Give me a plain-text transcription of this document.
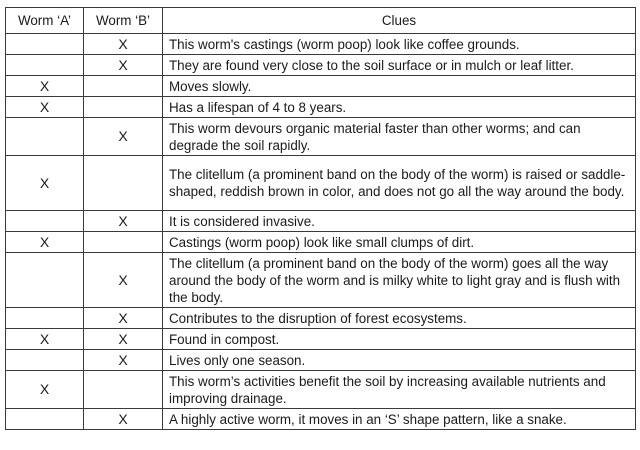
Worm ‘A’	Worm ‘B’	Clues
	X	This worm's castings (worm poop) look like coffee grounds.
	X	They are found very close to the soil surface or in mulch or leaf litter.
X		Moves slowly.
X		Has a lifespan of 4 to 8 years.
	X	This worm devours organic material faster than other worms; and can degrade the soil rapidly.
X		The clitellum (a prominent band on the body of the worm) is raised or saddle-shaped, reddish brown in color, and does not go all the way around the body.
	X	It is considered invasive.
X		Castings (worm poop) look like small clumps of dirt.
	X	The clitellum (a prominent band on the body of the worm) goes all the way around the body of the worm and is milky white to light gray and is flush with the body.
	X	Contributes to the disruption of forest ecosystems.
X	X	Found in compost.
	X	Lives only one season.
X		This worm’s activities benefit the soil by increasing available nutrients and improving drainage.
	X	A highly active worm, it moves in an ‘S’ shape pattern, like a snake.
